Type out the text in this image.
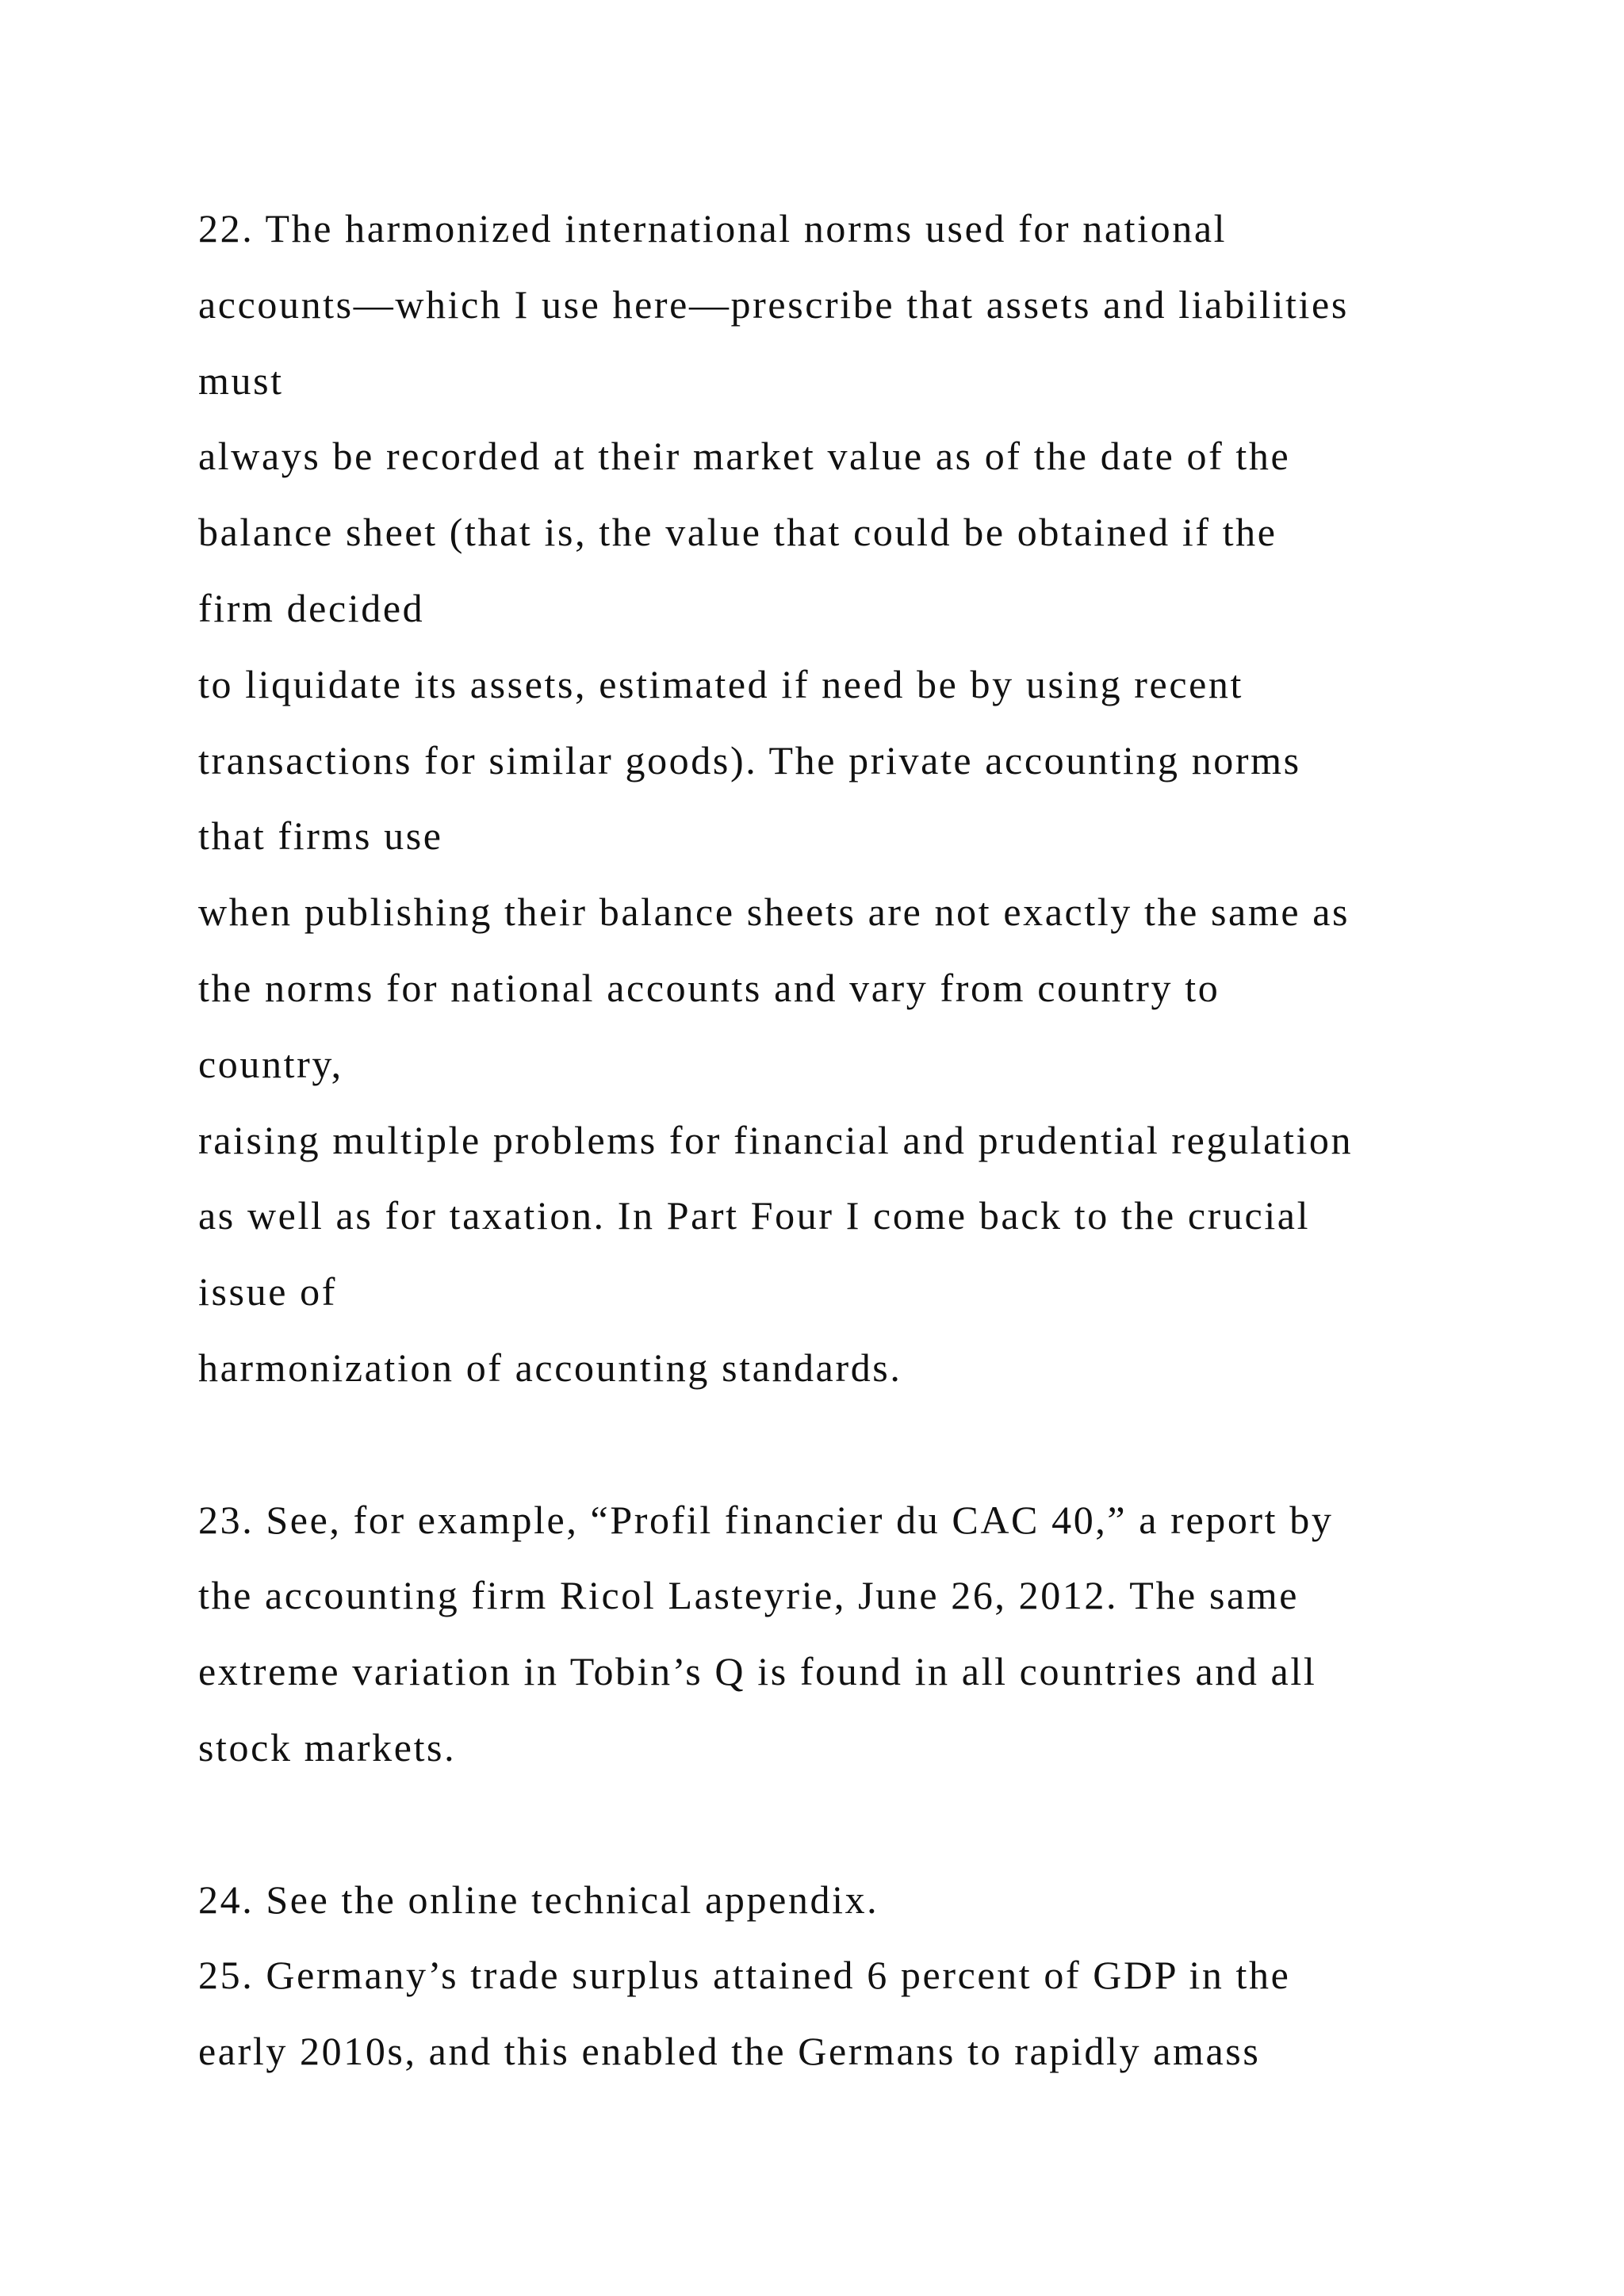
22. The harmonized international norms used for national
accounts—which I use here—prescribe that assets and liabilities
must
always be recorded at their market value as of the date of the
balance sheet (that is, the value that could be obtained if the
firm decided
to liquidate its assets, estimated if need be by using recent
transactions for similar goods). The private accounting norms
that firms use
when publishing their balance sheets are not exactly the same as
the norms for national accounts and vary from country to
country,
raising multiple problems for financial and prudential regulation
as well as for taxation. In Part Four I come back to the crucial
issue of
harmonization of accounting standards.
23. See, for example, “Profil financier du CAC 40,” a report by
the accounting firm Ricol Lasteyrie, June 26, 2012. The same
extreme variation in Tobin’s Q is found in all countries and all
stock markets.
24. See the online technical appendix.
25. Germany’s trade surplus attained 6 percent of GDP in the
early 2010s, and this enabled the Germans to rapidly amass
